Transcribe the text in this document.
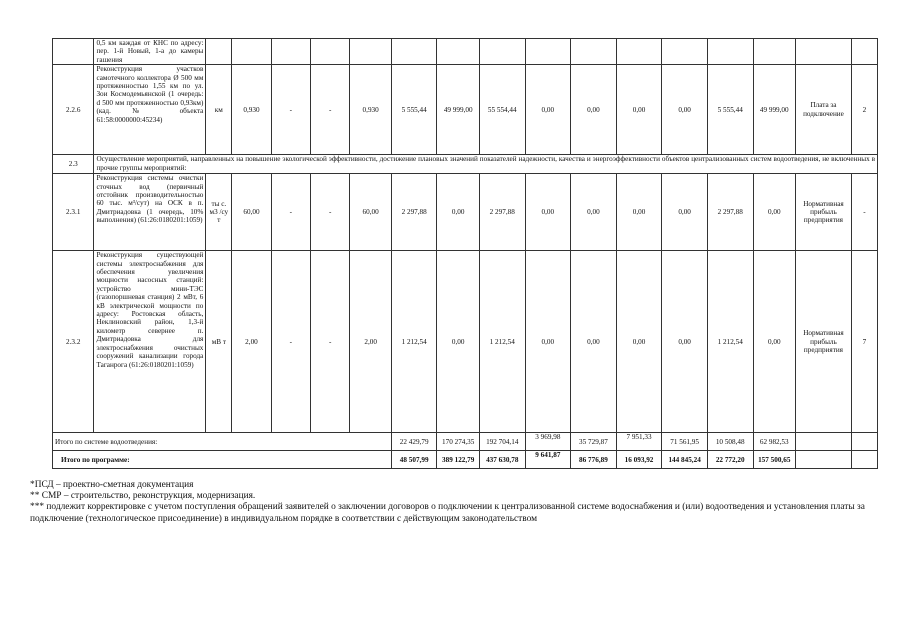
	0,5 км каждая от КНС по адресу: пер. 1-й Новый, 1-а до камеры гашения																
2.2.6	Реконструкция участков самотечного коллектора Ø 500 мм протяженностью 1,55 км по ул. Зои Космодемьянской (1 очередь: d 500 мм протяженностью 0,93км) (кад. № объекта 61:58:0000000:45234)	км	0,930	-	-	0,930	5 555,44	49 999,00	55 554,44	0,00	0,00	0,00	0,00	5 555,44	49 999,00	Плата за подключение	2
2.3	Осуществление мероприятий, направленных на повышение экологической эффективности, достижение плановых значений показателей надежности, качества и энергоэффективности объектов централизованных систем водоотведения, не включенных в прочие группы мероприятий:																
2.3.1	Реконструкция системы очистки сточных вод (первичный отстойник производительностью 60 тыс. м³/сут) на ОСК в п. Дмитриадовка (1 очередь, 10% выполнения) (61:26:0180201:1059)	ты с. м3 /су т	60,00	-	-	60,00	2 297,88	0,00	2 297,88	0,00	0,00	0,00	0,00	2 297,88	0,00	Нормативная прибыль предприятия	-
2.3.2	Реконструкция существующей системы электроснабжения для обеспечения увеличения мощности насосных станций: устройство мини-ТЭС (газопоршневая станция) 2 мВт, 6 кВ электрической мощности по адресу: Ростовская область, Неклиновский район, 1,3-й километр севернее п. Дмитриадовка для электроснабжения очистных сооружений канализации города Таганрога (61:26:0180201:1059)	мВ т	2,00	-	-	2,00	1 212,54	0,00	1 212,54	0,00	0,00	0,00	0,00	1 212,54	0,00	Нормативная прибыль предприятия	7
Итого по системе водоотведения:							22 429,79	170 274,35	192 704,14	3 969,98	35 729,87	7 951,33	71 561,95	10 508,48	62 982,53		
Итого по программе:							48 507,99	389 122,79	437 630,78	9 641,87	86 776,89	16 093,92	144 845,24	22 772,20	157 500,65		
*ПСД – проектно-сметная документация
** СМР – строительство, реконструкция, модернизация.
*** подлежит корректировке с учетом поступления обращений заявителей о заключении договоров о подключении к централизованной системе водоснабжения и (или) водоотведения и установления платы за подключение (технологическое присоединение) в индивидуальном порядке в соответствии с действующим законодательством
